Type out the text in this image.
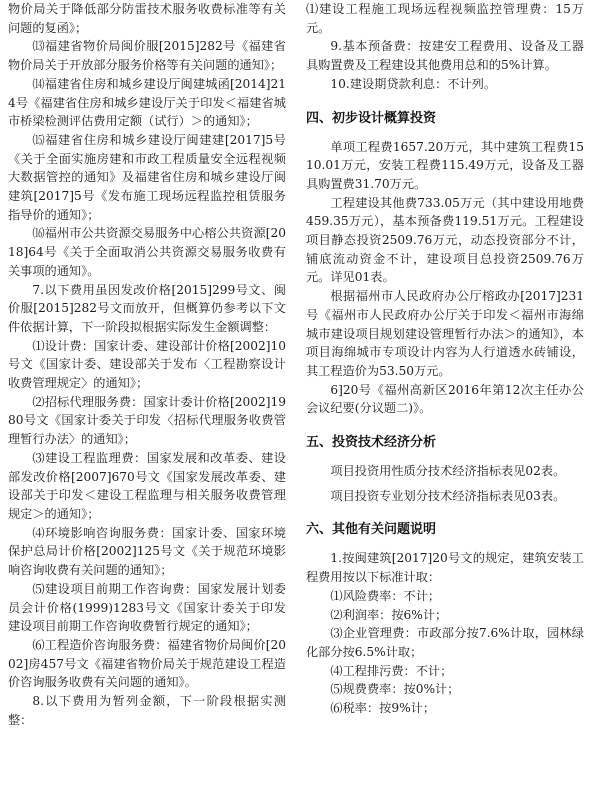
物价局关于降低部分防雷技术服务收费标准等有关问题的复函》；

⒀福建省物价局闽价服[2015]282号《福建省物价局关于开放部分服务价格等有关问题的通知》；

⒁福建省住房和城乡建设厅闽建城函[2014]214号《福建省住房和城乡建设厅关于印发＜福建省城市桥梁检测评估费用定额（试行）＞的通知》；

⒂福建省住房和城乡建设厅闽建建[2017]5号《关于全面实施房建和市政工程质量安全远程视频大数据管控的通知》及福建省住房和城乡建设厅闽建筑[2017]5号《发布施工现场远程监控租赁服务指导价的通知》；

⒃福州市公共资源交易服务中心榕公共资源[2018]64号《关于全面取消公共资源交易服务收费有关事项的通知》。

7.以下费用虽因发改价格[2015]299号文、闽价服[2015]282号文而放开，但概算仍参考以下文件依据计算，下一阶段拟根据实际发生金额调整：

⑴设计费：国家计委、建设部计价格[2002]10号文《国家计委、建设部关于发布〈工程勘察设计收费管理规定〉的通知》；

⑵招标代理服务费：国家计委计价格[2002]1980号文《国家计委关于印发〈招标代理服务收费管理暂行办法〉的通知》；

⑶建设工程监理费：国家发展和改革委、建设部发改价格[2007]670号文《国家发展改革委、建设部关于印发＜建设工程监理与相关服务收费管理规定＞的通知》；

⑷环境影响咨询服务费：国家计委、国家环境保护总局计价格[2002]125号文《关于规范环境影响咨询收费有关问题的通知》；

⑸建设项目前期工作咨询费：国家发展计划委员会计价格(1999)1283号文《国家计委关于印发建设项目前期工作咨询收费暂行规定的通知》；

⑹工程造价咨询服务费：福建省物价局闽价[2002]房457号文《福建省物价局关于规范建设工程造价咨询服务收费有关问题的通知》。

8.以下费用为暂列金额，下一阶段根据实测整：

⑴建设工程施工现场远程视频监控管理费：15万元。

9.基本预备费：按建安工程费用、设备及工器具购置费及工程建设其他费用总和的5%计算。

10.建设期贷款利息：不计列。

四、初步设计概算投资

单项工程费1657.20万元，其中建筑工程费1510.01万元，安装工程费115.49万元，设备及工器具购置费31.70万元。

工程建设其他费733.05万元（其中建设用地费459.35万元），基本预备费119.51万元。工程建设项目静态投资2509.76万元，动态投资部分不计，铺底流动资金不计，建设项目总投资2509.76万元。详见01表。

根据福州市人民政府办公厅榕政办[2017]231号《福州市人民政府办公厅关于印发＜福州市海绵城市建设项目规划建设管理暂行办法＞的通知》，本项目海绵城市专项设计内容为人行道透水砖铺设，其工程造价为53.50万元。

6]20号《福州高新区2016年第12次主任办公会议纪要(分议题二)》。

五、投资技术经济分析

项目投资用性质分技术经济指标表见02表。

项目投资专业划分技术经济指标表见03表。

六、其他有关问题说明

1.按闽建筑[2017]20号文的规定，建筑安装工程费用按以下标准计取：

⑴风险费率：不计；

⑵利润率：按6%计；

⑶企业管理费：市政部分按7.6%计取，园林绿化部分按6.5%计取；

⑷工程排污费：不计；

⑸规费费率：按0%计；

⑹税率：按9%计；
